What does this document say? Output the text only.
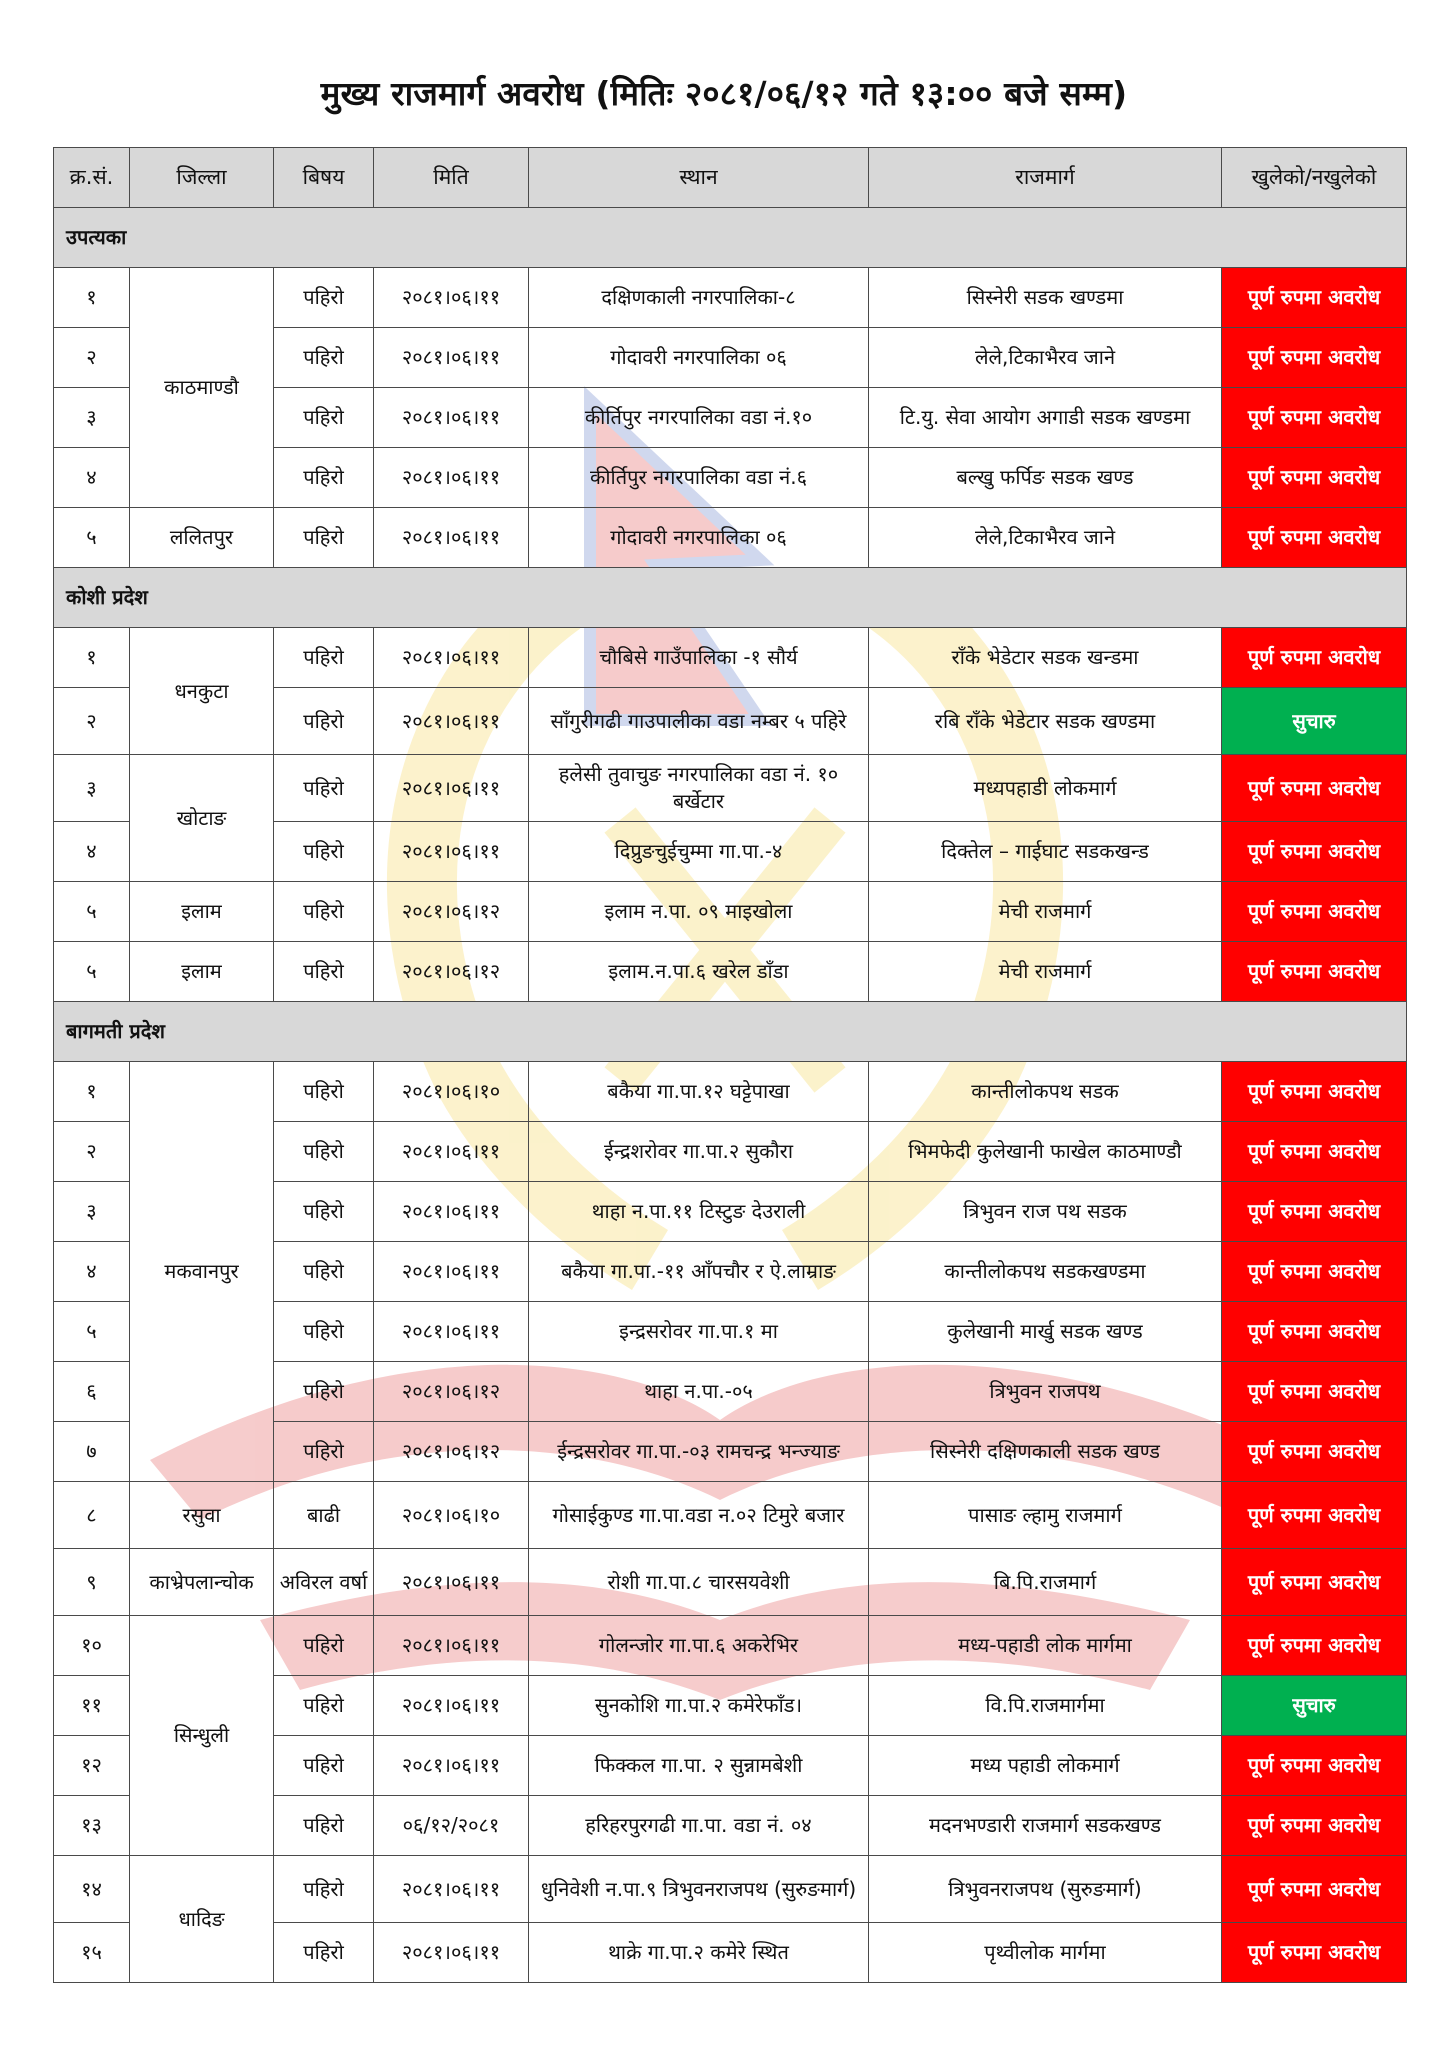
मुख्य राजमार्ग अवरोध (मितिः २०८१/०६/१२ गते १३:०० बजे सम्म)
क्र.सं.	जिल्ला	बिषय	मिति	स्थान	राजमार्ग	खुलेको/नखुलेको
उपत्यका						
१	काठमाण्डौ	पहिरो	२०८१।०६।११	दक्षिणकाली नगरपालिका-८	सिस्नेरी सडक खण्डमा	पूर्ण रुपमा अवरोध
२		पहिरो	२०८१।०६।११	गोदावरी नगरपालिका ०६	लेले,टिकाभैरव जाने	पूर्ण रुपमा अवरोध
३		पहिरो	२०८१।०६।११	कीर्तिपुर नगरपालिका वडा नं.१०	टि.यु. सेवा आयोग अगाडी सडक खण्डमा	पूर्ण रुपमा अवरोध
४		पहिरो	२०८१।०६।११	कीर्तिपुर नगरपालिका वडा नं.६	बल्खु फर्पिङ सडक खण्ड	पूर्ण रुपमा अवरोध
५	ललितपुर	पहिरो	२०८१।०६।११	गोदावरी नगरपालिका ०६	लेले,टिकाभैरव जाने	पूर्ण रुपमा अवरोध
कोशी प्रदेश						
१	धनकुटा	पहिरो	२०८१।०६।११	चौबिसे गाउँपालिका -१ सौर्य	राँके भेडेटार सडक खन्डमा	पूर्ण रुपमा अवरोध
२		पहिरो	२०८१।०६।११	साँगुरीगढी गाउपालीका वडा नम्बर ५ पहिरे	रबि राँके भेडेटार सडक खण्डमा	सुचारु
३	खोटाङ	पहिरो	२०८१।०६।११	हलेसी तुवाचुङ नगरपालिका वडा नं. १० बर्खेटार	मध्यपहाडी लोकमार्ग	पूर्ण रुपमा अवरोध
४		पहिरो	२०८१।०६।११	दिप्रुङचुईचुम्मा गा.पा.-४	दिक्तेल – गाईघाट सडकखन्ड	पूर्ण रुपमा अवरोध
५	इलाम	पहिरो	२०८१।०६।१२	इलाम न.पा. ०९ माइखोला	मेची राजमार्ग	पूर्ण रुपमा अवरोध
५	इलाम	पहिरो	२०८१।०६।१२	इलाम.न.पा.६ खरेल डाँडा	मेची राजमार्ग	पूर्ण रुपमा अवरोध
बागमती प्रदेश						
१	मकवानपुर	पहिरो	२०८१।०६।१०	बकैया गा.पा.१२ घट्टेपाखा	कान्तीलोकपथ सडक	पूर्ण रुपमा अवरोध
२		पहिरो	२०८१।०६।११	ईन्द्रशरोवर गा.पा.२ सुकौरा	भिमफेदी कुलेखानी फाखेल काठमाण्डौ	पूर्ण रुपमा अवरोध
३		पहिरो	२०८१।०६।११	थाहा न.पा.११ टिस्टुङ देउराली	त्रिभुवन राज पथ सडक	पूर्ण रुपमा अवरोध
४		पहिरो	२०८१।०६।११	बकैया गा.पा.-११ आँपचौर र ऐ.लाम्राङ	कान्तीलोकपथ सडकखण्डमा	पूर्ण रुपमा अवरोध
५		पहिरो	२०८१।०६।११	इन्द्रसरोवर गा.पा.१ मा	कुलेखानी मार्खु सडक खण्ड	पूर्ण रुपमा अवरोध
६		पहिरो	२०८१।०६।१२	थाहा न.पा.-०५	त्रिभुवन राजपथ	पूर्ण रुपमा अवरोध
७		पहिरो	२०८१।०६।१२	ईन्द्रसरोवर गा.पा.-०३ रामचन्द्र भन्ज्याङ	सिस्नेरी दक्षिणकाली सडक खण्ड	पूर्ण रुपमा अवरोध
८	रसुवा	बाढी	२०८१।०६।१०	गोसाईकुण्ड गा.पा.वडा न.०२ टिमुरे बजार	पासाङ ल्हामु राजमार्ग	पूर्ण रुपमा अवरोध
९	काभ्रेपलान्चोक	अविरल वर्षा	२०८१।०६।११	रोशी गा.पा.८ चारसयवेशी	बि.पि.राजमार्ग	पूर्ण रुपमा अवरोध
१०	सिन्धुली	पहिरो	२०८१।०६।११	गोलन्जोर गा.पा.६ अकरेभिर	मध्य-पहाडी लोक मार्गमा	पूर्ण रुपमा अवरोध
११		पहिरो	२०८१।०६।११	सुनकोशि गा.पा.२ कमेरेफाँड।	वि.पि.राजमार्गमा	सुचारु
१२		पहिरो	२०८१।०६।११	फिक्कल गा.पा. २ सुन्नामबेशी	मध्य पहाडी लोकमार्ग	पूर्ण रुपमा अवरोध
१३		पहिरो	०६/१२/२०८१	हरिहरपुरगढी गा.पा. वडा नं. ०४	मदनभण्डारी राजमार्ग सडकखण्ड	पूर्ण रुपमा अवरोध
१४	धादिङ	पहिरो	२०८१।०६।११	धुनिवेशी न.पा.९ त्रिभुवनराजपथ (सुरुङमार्ग)	त्रिभुवनराजपथ (सुरुङमार्ग)	पूर्ण रुपमा अवरोध
१५		पहिरो	२०८१।०६।११	थाक्रे गा.पा.२ कमेरे स्थित	पृथ्वीलोक मार्गमा	पूर्ण रुपमा अवरोध
